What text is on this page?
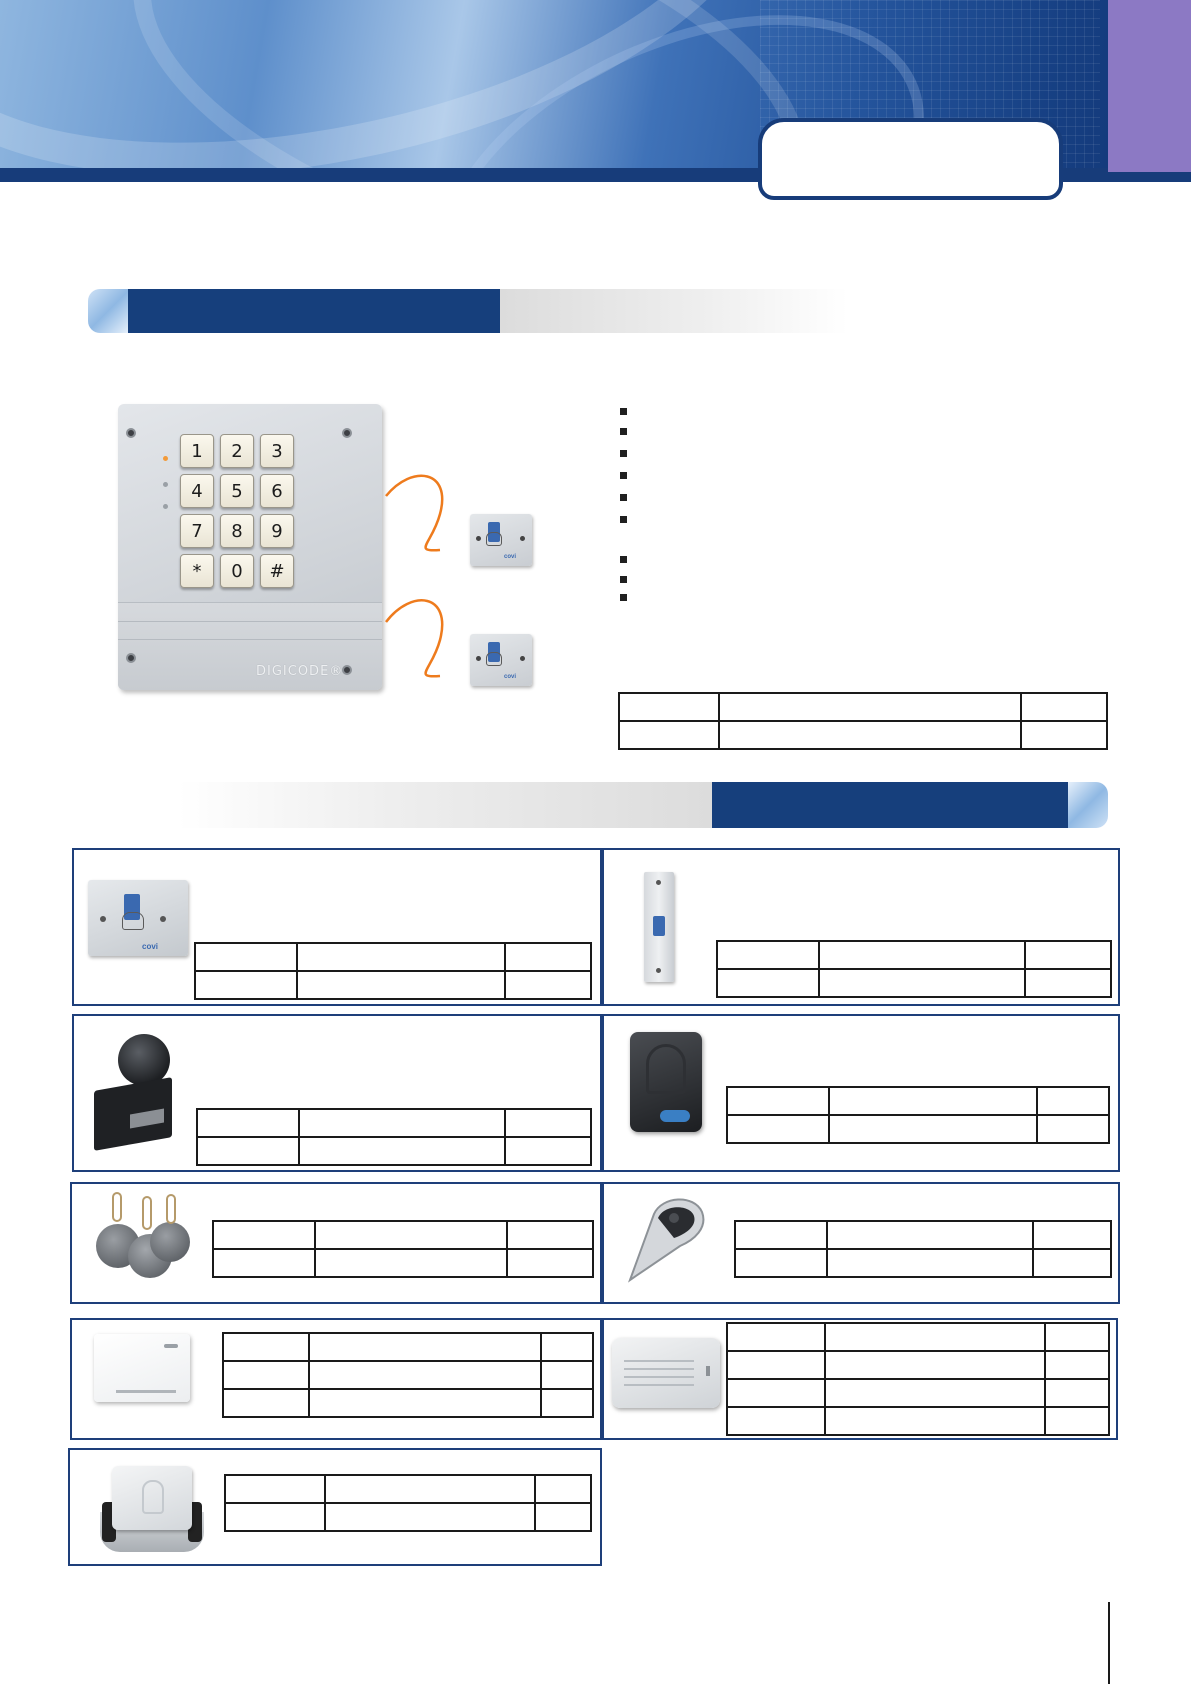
1	2	3
4	5	6
7	8	9
*	0	#
DIGICODE®
covi
covi

covi
